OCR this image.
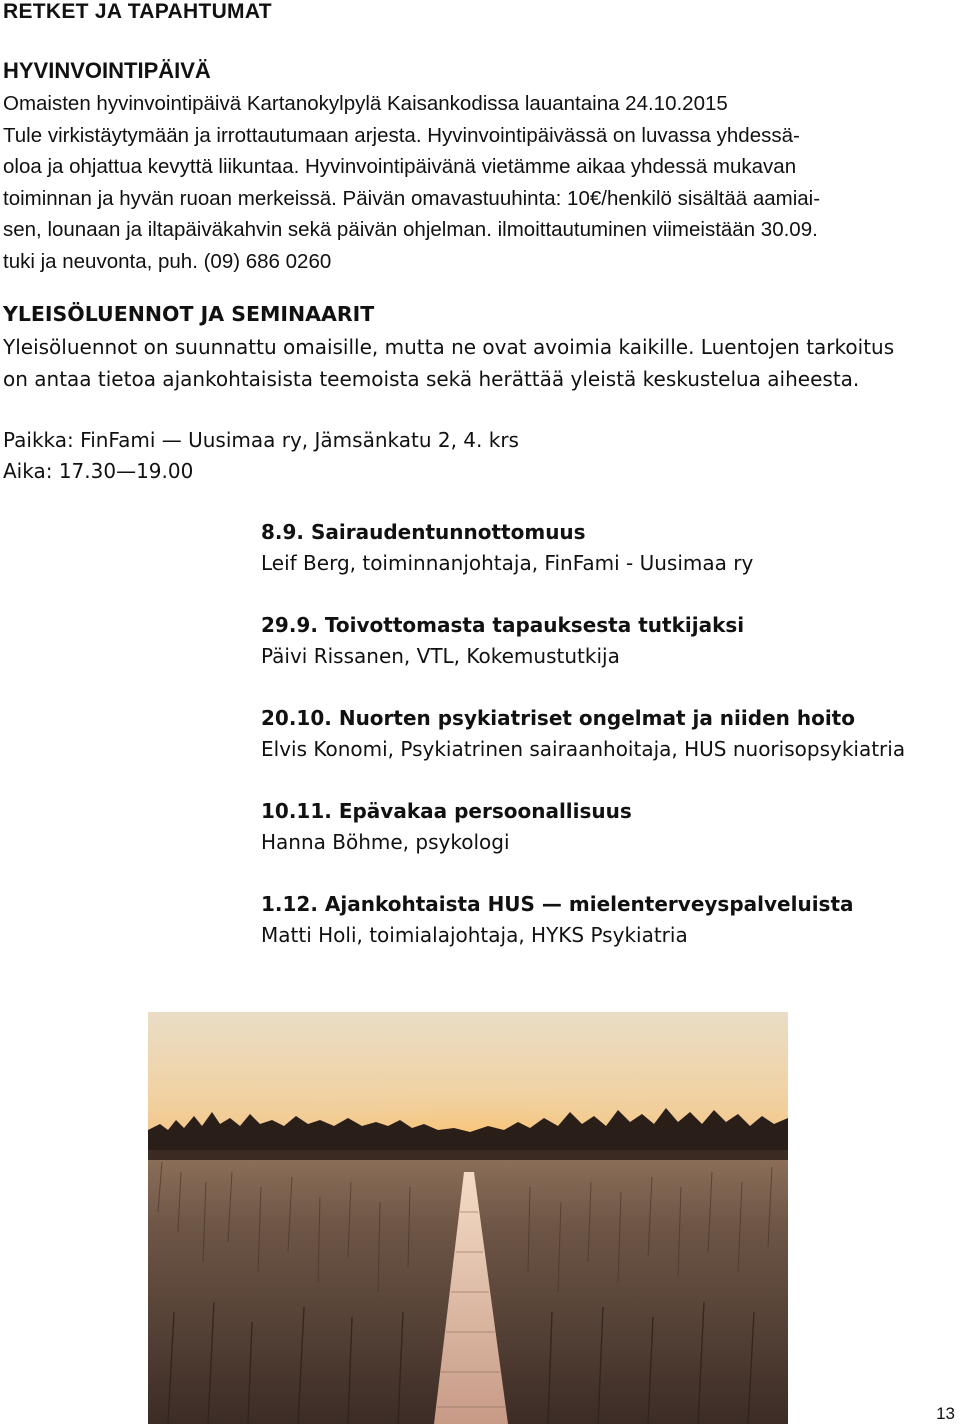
RETKET JA TAPAHTUMAT
HYVINVOINTIPÄIVÄ
Omaisten hyvinvointipäivä Kartanokylpylä Kaisankodissa lauantaina 24.10.2015
Tule virkistäytymään ja irrottautumaan arjesta. Hyvinvointipäivässä on luvassa yhdessä-
oloa ja ohjattua kevyttä liikuntaa. Hyvinvointipäivänä vietämme aikaa yhdessä mukavan
toiminnan ja hyvän ruoan merkeissä. Päivän omavastuuhinta: 10€/henkilö sisältää aamiai-
sen, lounaan ja iltapäiväkahvin sekä päivän ohjelman. ilmoittautuminen viimeistään 30.09.
tuki ja neuvonta, puh. (09) 686 0260
YLEISÖLUENNOT JA SEMINAARIT
Yleisöluennot on suunnattu omaisille, mutta ne ovat avoimia kaikille. Luentojen tarkoitus
on antaa tietoa ajankohtaisista teemoista sekä herättää yleistä keskustelua aiheesta.
Paikka: FinFami — Uusimaa ry, Jämsänkatu 2, 4. krs
Aika: 17.30—19.00
8.9. Sairaudentunnottomuus
Leif Berg, toiminnanjohtaja, FinFami - Uusimaa ry
29.9. Toivottomasta tapauksesta tutkijaksi
Päivi Rissanen, VTL, Kokemustutkija
20.10. Nuorten psykiatriset ongelmat ja niiden hoito
Elvis Konomi, Psykiatrinen sairaanhoitaja, HUS nuorisopsykiatria
10.11. Epävakaa persoonallisuus
Hanna Böhme, psykologi
1.12. Ajankohtaista HUS — mielenterveyspalveluista
Matti Holi, toimialajohtaja, HYKS Psykiatria
13
